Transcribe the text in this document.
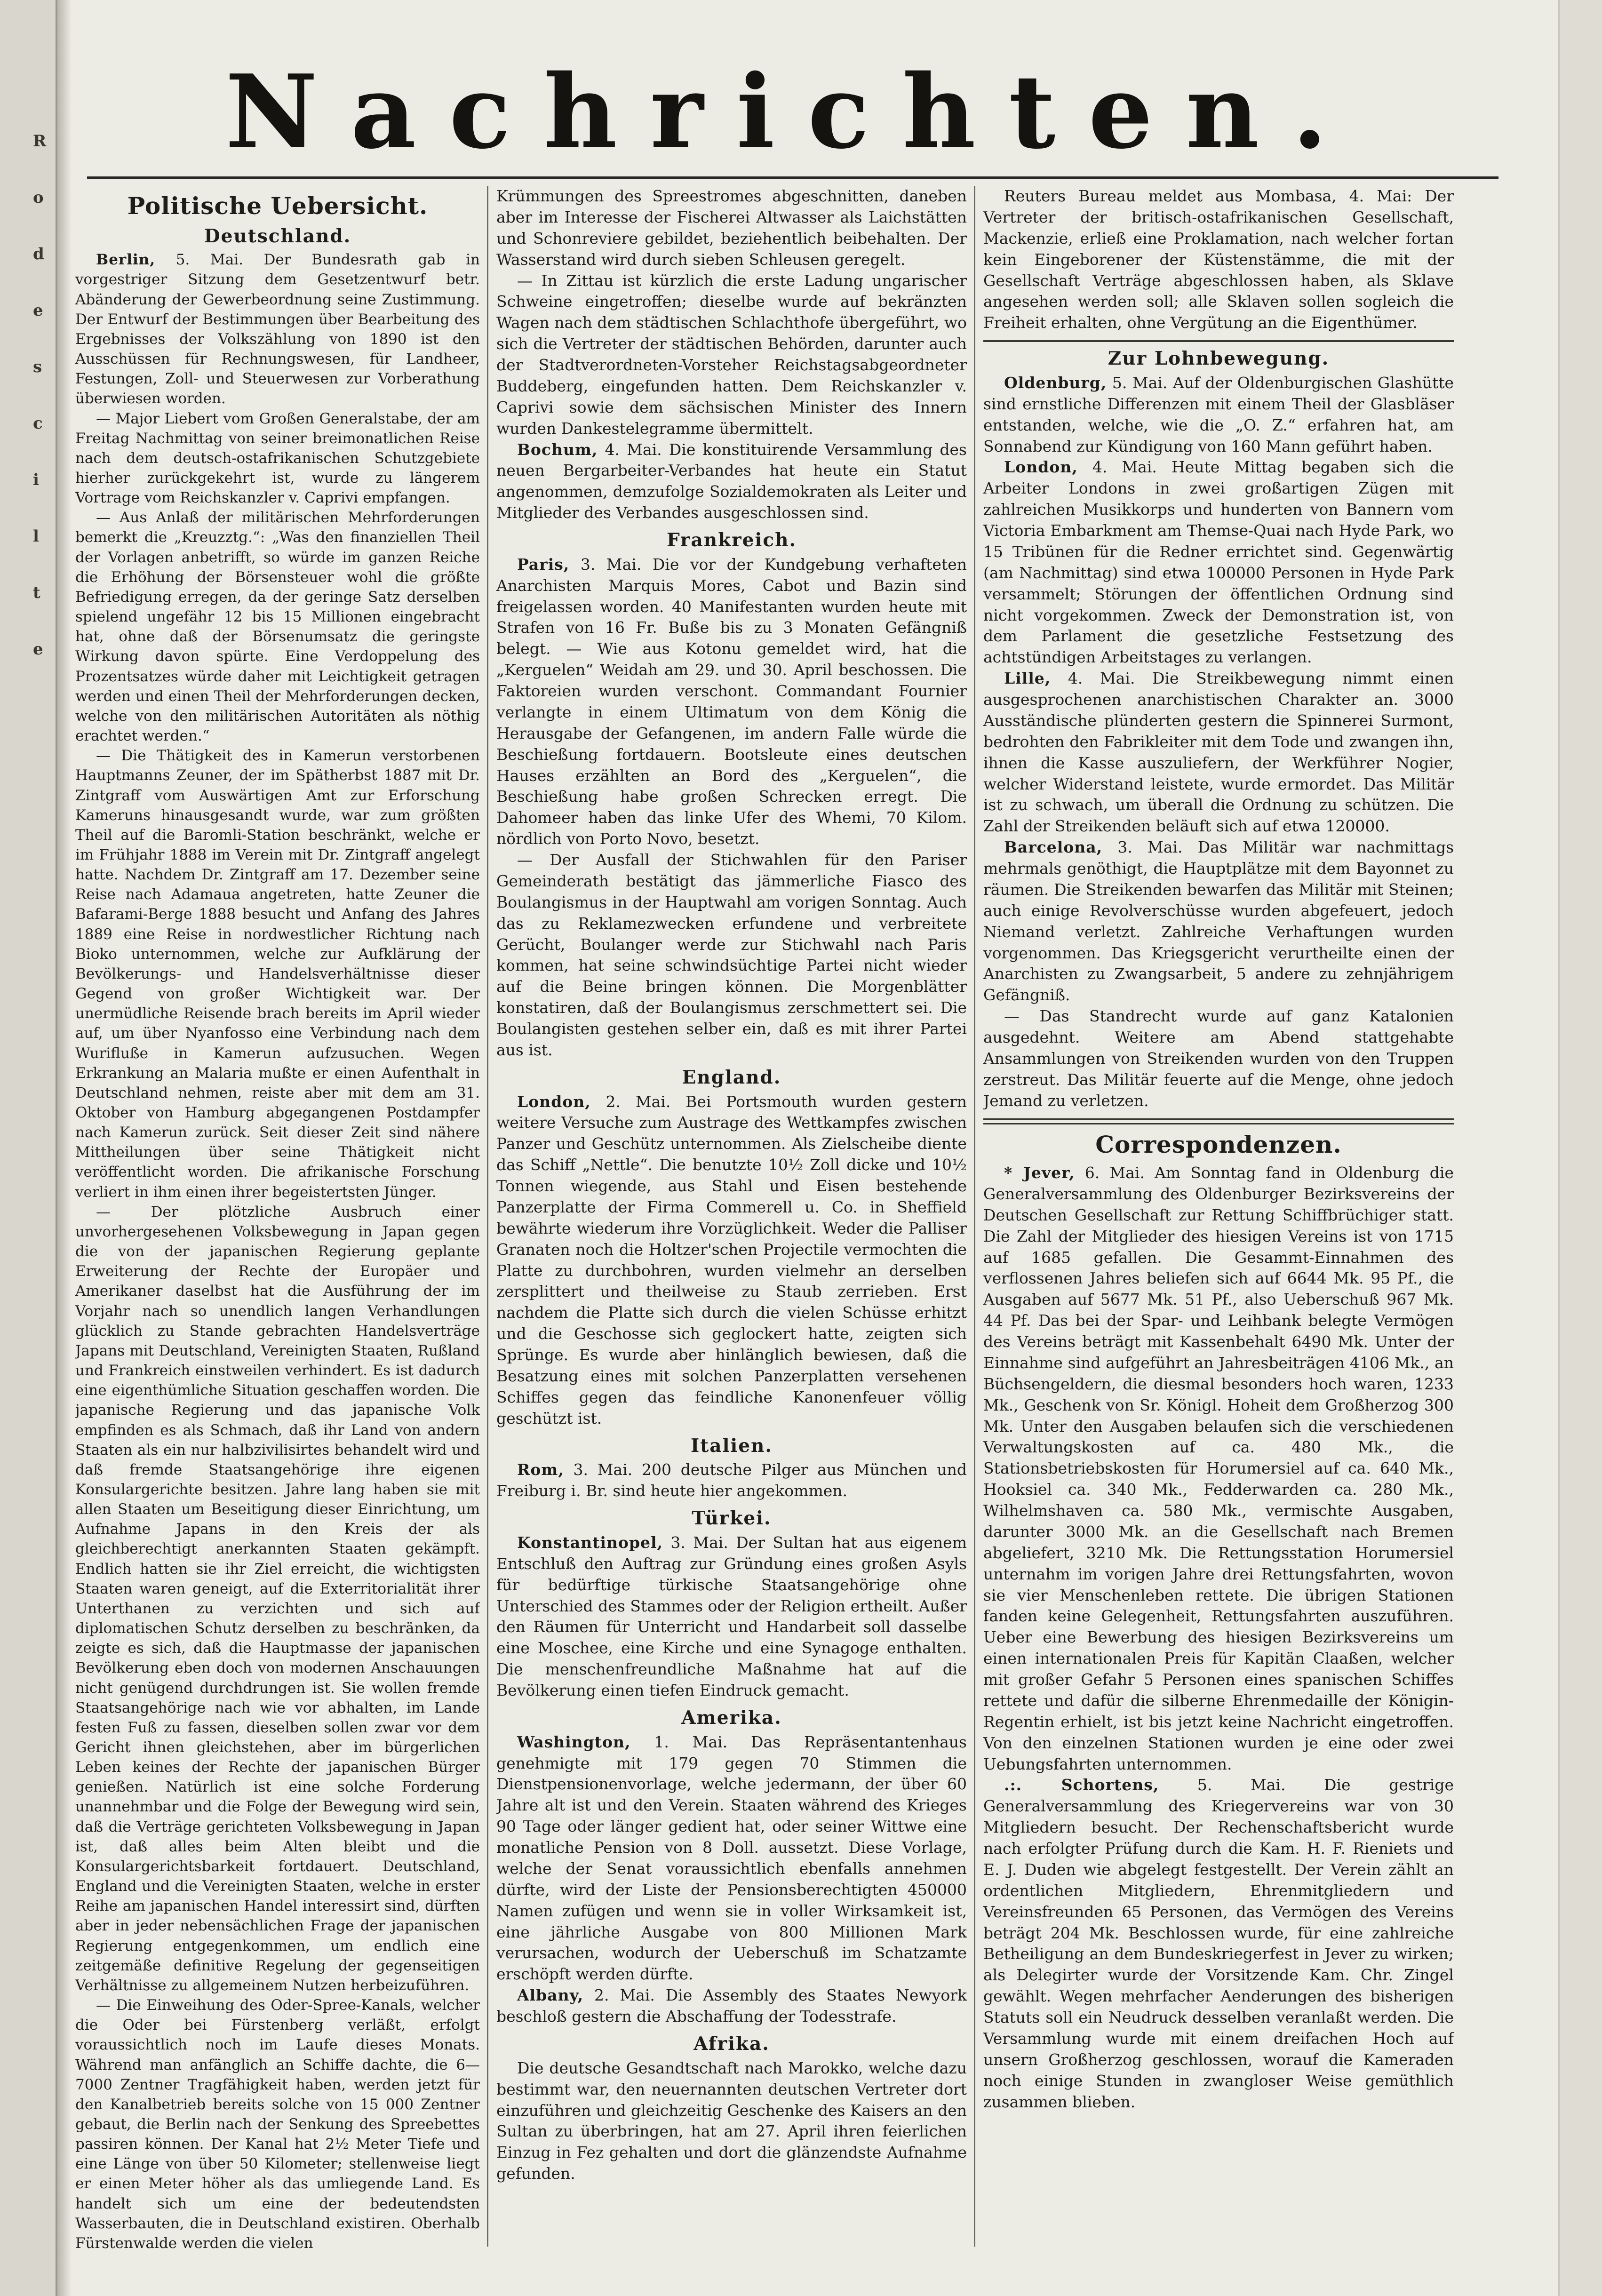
R
o
d
e
s
c
i
l
t
e
Nachrichten.
Politische Uebersicht.
Deutschland.

Berlin, 5. Mai. Der Bundesrath gab in vorgestriger Sitzung dem Gesetzentwurf betr. Abänderung der Gewerbeordnung seine Zustimmung. Der Entwurf der Bestimmungen über Bearbeitung des Ergebnisses der Volkszählung von 1890 ist den Ausschüssen für Rechnungswesen, für Landheer, Festungen, Zoll- und Steuerwesen zur Vorberathung überwiesen worden.

— Major Liebert vom Großen Generalstabe, der am Freitag Nachmittag von seiner breimonatlichen Reise nach dem deutsch-ostafrikanischen Schutzgebiete hierher zurückgekehrt ist, wurde zu längerem Vortrage vom Reichskanzler v. Caprivi empfangen.

— Aus Anlaß der militärischen Mehrforderungen bemerkt die „Kreuzztg.“: „Was den finanziellen Theil der Vorlagen anbetrifft, so würde im ganzen Reiche die Erhöhung der Börsensteuer wohl die größte Befriedigung erregen, da der geringe Satz derselben spielend ungefähr 12 bis 15 Millionen eingebracht hat, ohne daß der Börsenumsatz die geringste Wirkung davon spürte. Eine Verdoppelung des Prozentsatzes würde daher mit Leichtigkeit getragen werden und einen Theil der Mehrforderungen decken, welche von den militärischen Autoritäten als nöthig erachtet werden.“

— Die Thätigkeit des in Kamerun verstorbenen Hauptmanns Zeuner, der im Spätherbst 1887 mit Dr. Zintgraff vom Auswärtigen Amt zur Erforschung Kameruns hinausgesandt wurde, war zum größten Theil auf die Baromli-Station beschränkt, welche er im Frühjahr 1888 im Verein mit Dr. Zintgraff angelegt hatte. Nachdem Dr. Zintgraff am 17. Dezember seine Reise nach Adamaua angetreten, hatte Zeuner die Bafarami-Berge 1888 besucht und Anfang des Jahres 1889 eine Reise in nordwestlicher Richtung nach Bioko unternommen, welche zur Aufklärung der Bevölkerungs- und Handelsverhältnisse dieser Gegend von großer Wichtigkeit war. Der unermüdliche Reisende brach bereits im April wieder auf, um über Nyanfosso eine Verbindung nach dem Wurifluße in Kamerun aufzusuchen. Wegen Erkrankung an Malaria mußte er einen Aufenthalt in Deutschland nehmen, reiste aber mit dem am 31. Oktober von Hamburg abgegangenen Postdampfer nach Kamerun zurück. Seit dieser Zeit sind nähere Mittheilungen über seine Thätigkeit nicht veröffentlicht worden. Die afrikanische Forschung verliert in ihm einen ihrer begeistertsten Jünger.

— Der plötzliche Ausbruch einer unvorhergesehenen Volksbewegung in Japan gegen die von der japanischen Regierung geplante Erweiterung der Rechte der Europäer und Amerikaner daselbst hat die Ausführung der im Vorjahr nach so unendlich langen Verhandlungen glücklich zu Stande gebrachten Handelsverträge Japans mit Deutschland, Vereinigten Staaten, Rußland und Frankreich einstweilen verhindert. Es ist dadurch eine eigenthümliche Situation geschaffen worden. Die japanische Regierung und das japanische Volk empfinden es als Schmach, daß ihr Land von andern Staaten als ein nur halbzivilisirtes behandelt wird und daß fremde Staatsangehörige ihre eigenen Konsulargerichte besitzen. Jahre lang haben sie mit allen Staaten um Beseitigung dieser Einrichtung, um Aufnahme Japans in den Kreis der als gleichberechtigt anerkannten Staaten gekämpft. Endlich hatten sie ihr Ziel erreicht, die wichtigsten Staaten waren geneigt, auf die Exterritorialität ihrer Unterthanen zu verzichten und sich auf diplomatischen Schutz derselben zu beschränken, da zeigte es sich, daß die Hauptmasse der japanischen Bevölkerung eben doch von modernen Anschauungen nicht genügend durchdrungen ist. Sie wollen fremde Staatsangehörige nach wie vor abhalten, im Lande festen Fuß zu fassen, dieselben sollen zwar vor dem Gericht ihnen gleichstehen, aber im bürgerlichen Leben keines der Rechte der japanischen Bürger genießen. Natürlich ist eine solche Forderung unannehmbar und die Folge der Bewegung wird sein, daß die Verträge gerichteten Volksbewegung in Japan ist, daß alles beim Alten bleibt und die Konsulargerichtsbarkeit fortdauert. Deutschland, England und die Vereinigten Staaten, welche in erster Reihe am japanischen Handel interessirt sind, dürften aber in jeder nebensächlichen Frage der japanischen Regierung entgegenkommen, um endlich eine zeitgemäße definitive Regelung der gegenseitigen Verhältnisse zu allgemeinem Nutzen herbeizuführen.

— Die Einweihung des Oder-Spree-Kanals, welcher die Oder bei Fürstenberg verläßt, erfolgt voraussichtlich noch im Laufe dieses Monats. Während man anfänglich an Schiffe dachte, die 6—7000 Zentner Tragfähigkeit haben, werden jetzt für den Kanalbetrieb bereits solche von 15 000 Zentner gebaut, die Berlin nach der Senkung des Spreebettes passiren können. Der Kanal hat 2½ Meter Tiefe und eine Länge von über 50 Kilometer; stellenweise liegt er einen Meter höher als das umliegende Land. Es handelt sich um eine der bedeutendsten Wasserbauten, die in Deutschland existiren. Oberhalb Fürstenwalde werden die vielen

Krümmungen des Spreestromes abgeschnitten, daneben aber im Interesse der Fischerei Altwasser als Laichstätten und Schonreviere gebildet, beziehentlich beibehalten. Der Wasserstand wird durch sieben Schleusen geregelt.

— In Zittau ist kürzlich die erste Ladung ungarischer Schweine eingetroffen; dieselbe wurde auf bekränzten Wagen nach dem städtischen Schlachthofe übergeführt, wo sich die Vertreter der städtischen Behörden, darunter auch der Stadtverordneten-Vorsteher Reichstagsabgeordneter Buddeberg, eingefunden hatten. Dem Reichskanzler v. Caprivi sowie dem sächsischen Minister des Innern wurden Dankestelegramme übermittelt.

Bochum, 4. Mai. Die konstituirende Versammlung des neuen Bergarbeiter-Verbandes hat heute ein Statut angenommen, demzufolge Sozialdemokraten als Leiter und Mitglieder des Verbandes ausgeschlossen sind.

Frankreich.

Paris, 3. Mai. Die vor der Kundgebung verhafteten Anarchisten Marquis Mores, Cabot und Bazin sind freigelassen worden. 40 Manifestanten wurden heute mit Strafen von 16 Fr. Buße bis zu 3 Monaten Gefängniß belegt. — Wie aus Kotonu gemeldet wird, hat die „Kerguelen“ Weidah am 29. und 30. April beschossen. Die Faktoreien wurden verschont. Commandant Fournier verlangte in einem Ultimatum von dem König die Herausgabe der Gefangenen, im andern Falle würde die Beschießung fortdauern. Bootsleute eines deutschen Hauses erzählten an Bord des „Kerguelen“, die Beschießung habe großen Schrecken erregt. Die Dahomeer haben das linke Ufer des Whemi, 70 Kilom. nördlich von Porto Novo, besetzt.

— Der Ausfall der Stichwahlen für den Pariser Gemeinderath bestätigt das jämmerliche Fiasco des Boulangismus in der Hauptwahl am vorigen Sonntag. Auch das zu Reklamezwecken erfundene und verbreitete Gerücht, Boulanger werde zur Stichwahl nach Paris kommen, hat seine schwindsüchtige Partei nicht wieder auf die Beine bringen können. Die Morgenblätter konstatiren, daß der Boulangismus zerschmettert sei. Die Boulangisten gestehen selber ein, daß es mit ihrer Partei aus ist.

England.

London, 2. Mai. Bei Portsmouth wurden gestern weitere Versuche zum Austrage des Wettkampfes zwischen Panzer und Geschütz unternommen. Als Zielscheibe diente das Schiff „Nettle“. Die benutzte 10½ Zoll dicke und 10½ Tonnen wiegende, aus Stahl und Eisen bestehende Panzerplatte der Firma Commerell u. Co. in Sheffield bewährte wiederum ihre Vorzüglichkeit. Weder die Palliser Granaten noch die Holtzer'schen Projectile vermochten die Platte zu durchbohren, wurden vielmehr an derselben zersplittert und theilweise zu Staub zerrieben. Erst nachdem die Platte sich durch die vielen Schüsse erhitzt und die Geschosse sich geglockert hatte, zeigten sich Sprünge. Es wurde aber hinlänglich bewiesen, daß die Besatzung eines mit solchen Panzerplatten versehenen Schiffes gegen das feindliche Kanonenfeuer völlig geschützt ist.

Italien.

Rom, 3. Mai. 200 deutsche Pilger aus München und Freiburg i. Br. sind heute hier angekommen.

Türkei.

Konstantinopel, 3. Mai. Der Sultan hat aus eigenem Entschluß den Auftrag zur Gründung eines großen Asyls für bedürftige türkische Staatsangehörige ohne Unterschied des Stammes oder der Religion ertheilt. Außer den Räumen für Unterricht und Handarbeit soll dasselbe eine Moschee, eine Kirche und eine Synagoge enthalten. Die menschenfreundliche Maßnahme hat auf die Bevölkerung einen tiefen Eindruck gemacht.

Amerika.

Washington, 1. Mai. Das Repräsentantenhaus genehmigte mit 179 gegen 70 Stimmen die Dienstpensionenvorlage, welche jedermann, der über 60 Jahre alt ist und den Verein. Staaten während des Krieges 90 Tage oder länger gedient hat, oder seiner Wittwe eine monatliche Pension von 8 Doll. aussetzt. Diese Vorlage, welche der Senat voraussichtlich ebenfalls annehmen dürfte, wird der Liste der Pensionsberechtigten 450000 Namen zufügen und wenn sie in voller Wirksamkeit ist, eine jährliche Ausgabe von 800 Millionen Mark verursachen, wodurch der Ueberschuß im Schatzamte erschöpft werden dürfte.

Albany, 2. Mai. Die Assembly des Staates Newyork beschloß gestern die Abschaffung der Todesstrafe.

Afrika.

Die deutsche Gesandtschaft nach Marokko, welche dazu bestimmt war, den neuernannten deutschen Vertreter dort einzuführen und gleichzeitig Geschenke des Kaisers an den Sultan zu überbringen, hat am 27. April ihren feierlichen Einzug in Fez gehalten und dort die glänzendste Aufnahme gefunden.

Reuters Bureau meldet aus Mombasa, 4. Mai: Der Vertreter der britisch-ostafrikanischen Gesellschaft, Mackenzie, erließ eine Proklamation, nach welcher fortan kein Eingeborener der Küstenstämme, die mit der Gesellschaft Verträge abgeschlossen haben, als Sklave angesehen werden soll; alle Sklaven sollen sogleich die Freiheit erhalten, ohne Vergütung an die Eigenthümer.

Zur Lohnbewegung.

Oldenburg, 5. Mai. Auf der Oldenburgischen Glashütte sind ernstliche Differenzen mit einem Theil der Glasbläser entstanden, welche, wie die „O. Z.“ erfahren hat, am Sonnabend zur Kündigung von 160 Mann geführt haben.

London, 4. Mai. Heute Mittag begaben sich die Arbeiter Londons in zwei großartigen Zügen mit zahlreichen Musikkorps und hunderten von Bannern vom Victoria Embarkment am Themse-Quai nach Hyde Park, wo 15 Tribünen für die Redner errichtet sind. Gegenwärtig (am Nachmittag) sind etwa 100000 Personen in Hyde Park versammelt; Störungen der öffentlichen Ordnung sind nicht vorgekommen. Zweck der Demonstration ist, von dem Parlament die gesetzliche Festsetzung des achtstündigen Arbeitstages zu verlangen.

Lille, 4. Mai. Die Streikbewegung nimmt einen ausgesprochenen anarchistischen Charakter an. 3000 Ausständische plünderten gestern die Spinnerei Surmont, bedrohten den Fabrikleiter mit dem Tode und zwangen ihn, ihnen die Kasse auszuliefern, der Werkführer Nogier, welcher Widerstand leistete, wurde ermordet. Das Militär ist zu schwach, um überall die Ordnung zu schützen. Die Zahl der Streikenden beläuft sich auf etwa 120000.

Barcelona, 3. Mai. Das Militär war nachmittags mehrmals genöthigt, die Hauptplätze mit dem Bayonnet zu räumen. Die Streikenden bewarfen das Militär mit Steinen; auch einige Revolverschüsse wurden abgefeuert, jedoch Niemand verletzt. Zahlreiche Verhaftungen wurden vorgenommen. Das Kriegsgericht verurtheilte einen der Anarchisten zu Zwangsarbeit, 5 andere zu zehnjährigem Gefängniß.

— Das Standrecht wurde auf ganz Katalonien ausgedehnt. Weitere am Abend stattgehabte Ansammlungen von Streikenden wurden von den Truppen zerstreut. Das Militär feuerte auf die Menge, ohne jedoch Jemand zu verletzen.

Correspondenzen.

* Jever, 6. Mai. Am Sonntag fand in Oldenburg die Generalversammlung des Oldenburger Bezirksvereins der Deutschen Gesellschaft zur Rettung Schiffbrüchiger statt. Die Zahl der Mitglieder des hiesigen Vereins ist von 1715 auf 1685 gefallen. Die Gesammt-Einnahmen des verflossenen Jahres beliefen sich auf 6644 Mk. 95 Pf., die Ausgaben auf 5677 Mk. 51 Pf., also Ueberschuß 967 Mk. 44 Pf. Das bei der Spar- und Leihbank belegte Vermögen des Vereins beträgt mit Kassenbehalt 6490 Mk. Unter der Einnahme sind aufgeführt an Jahresbeiträgen 4106 Mk., an Büchsengeldern, die diesmal besonders hoch waren, 1233 Mk., Geschenk von Sr. Königl. Hoheit dem Großherzog 300 Mk. Unter den Ausgaben belaufen sich die verschiedenen Verwaltungskosten auf ca. 480 Mk., die Stationsbetriebskosten für Horumersiel auf ca. 640 Mk., Hooksiel ca. 340 Mk., Fedderwarden ca. 280 Mk., Wilhelmshaven ca. 580 Mk., vermischte Ausgaben, darunter 3000 Mk. an die Gesellschaft nach Bremen abgeliefert, 3210 Mk. Die Rettungsstation Horumersiel unternahm im vorigen Jahre drei Rettungsfahrten, wovon sie vier Menschenleben rettete. Die übrigen Stationen fanden keine Gelegenheit, Rettungsfahrten auszuführen. Ueber eine Bewerbung des hiesigen Bezirksvereins um einen internationalen Preis für Kapitän Claaßen, welcher mit großer Gefahr 5 Personen eines spanischen Schiffes rettete und dafür die silberne Ehrenmedaille der Königin-Regentin erhielt, ist bis jetzt keine Nachricht eingetroffen. Von den einzelnen Stationen wurden je eine oder zwei Uebungsfahrten unternommen.

.:. Schortens, 5. Mai. Die gestrige Generalversammlung des Kriegervereins war von 30 Mitgliedern besucht. Der Rechenschaftsbericht wurde nach erfolgter Prüfung durch die Kam. H. F. Rieniets und E. J. Duden wie abgelegt festgestellt. Der Verein zählt an ordentlichen Mitgliedern, Ehrenmitgliedern und Vereinsfreunden 65 Personen, das Vermögen des Vereins beträgt 204 Mk. Beschlossen wurde, für eine zahlreiche Betheiligung an dem Bundeskriegerfest in Jever zu wirken; als Delegirter wurde der Vorsitzende Kam. Chr. Zingel gewählt. Wegen mehrfacher Aenderungen des bisherigen Statuts soll ein Neudruck desselben veranlaßt werden. Die Versammlung wurde mit einem dreifachen Hoch auf unsern Großherzog geschlossen, worauf die Kameraden noch einige Stunden in zwangloser Weise gemüthlich zusammen blieben.
